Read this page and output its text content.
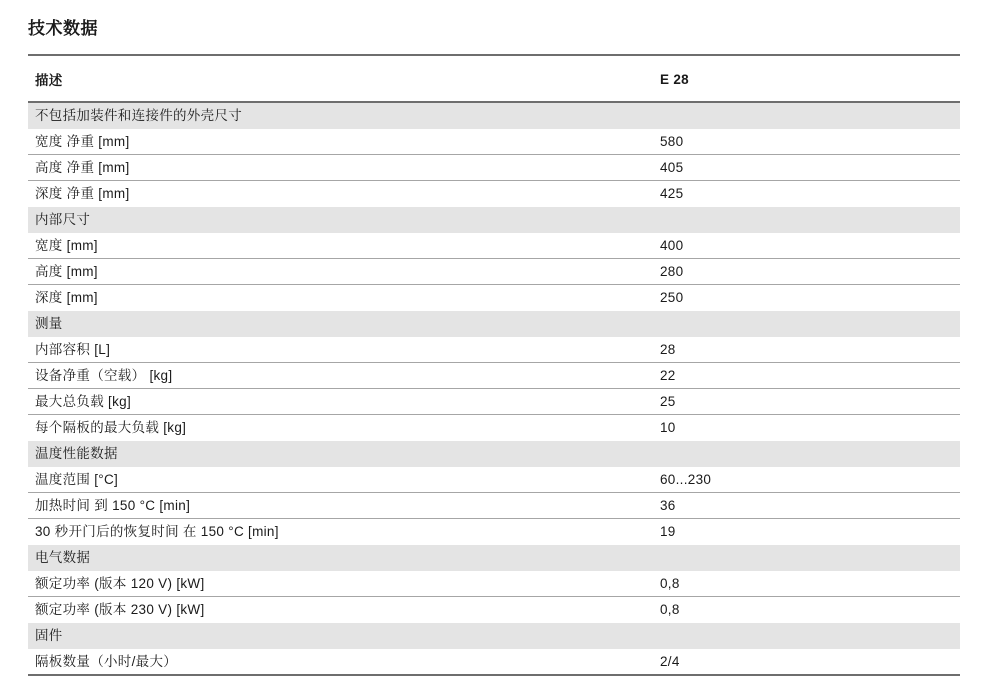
技术数据
描述	E 28
不包括加装件和连接件的外壳尺寸	
宽度 净重 [mm]	580
高度 净重 [mm]	405
深度 净重 [mm]	425
内部尺寸	
宽度 [mm]	400
高度 [mm]	280
深度 [mm]	250
测量	
内部容积 [L]	28
设备净重（空载） [kg]	22
最大总负载 [kg]	25
每个隔板的最大负载 [kg]	10
温度性能数据	
温度范围 [°C]	60...230
加热时间 到 150 °C [min]	36
30 秒开门后的恢复时间 在 150 °C [min]	19
电气数据	
额定功率 (版本 120 V) [kW]	0,8
额定功率 (版本 230 V) [kW]	0,8
固件	
隔板数量（小时/最大）	2/4
